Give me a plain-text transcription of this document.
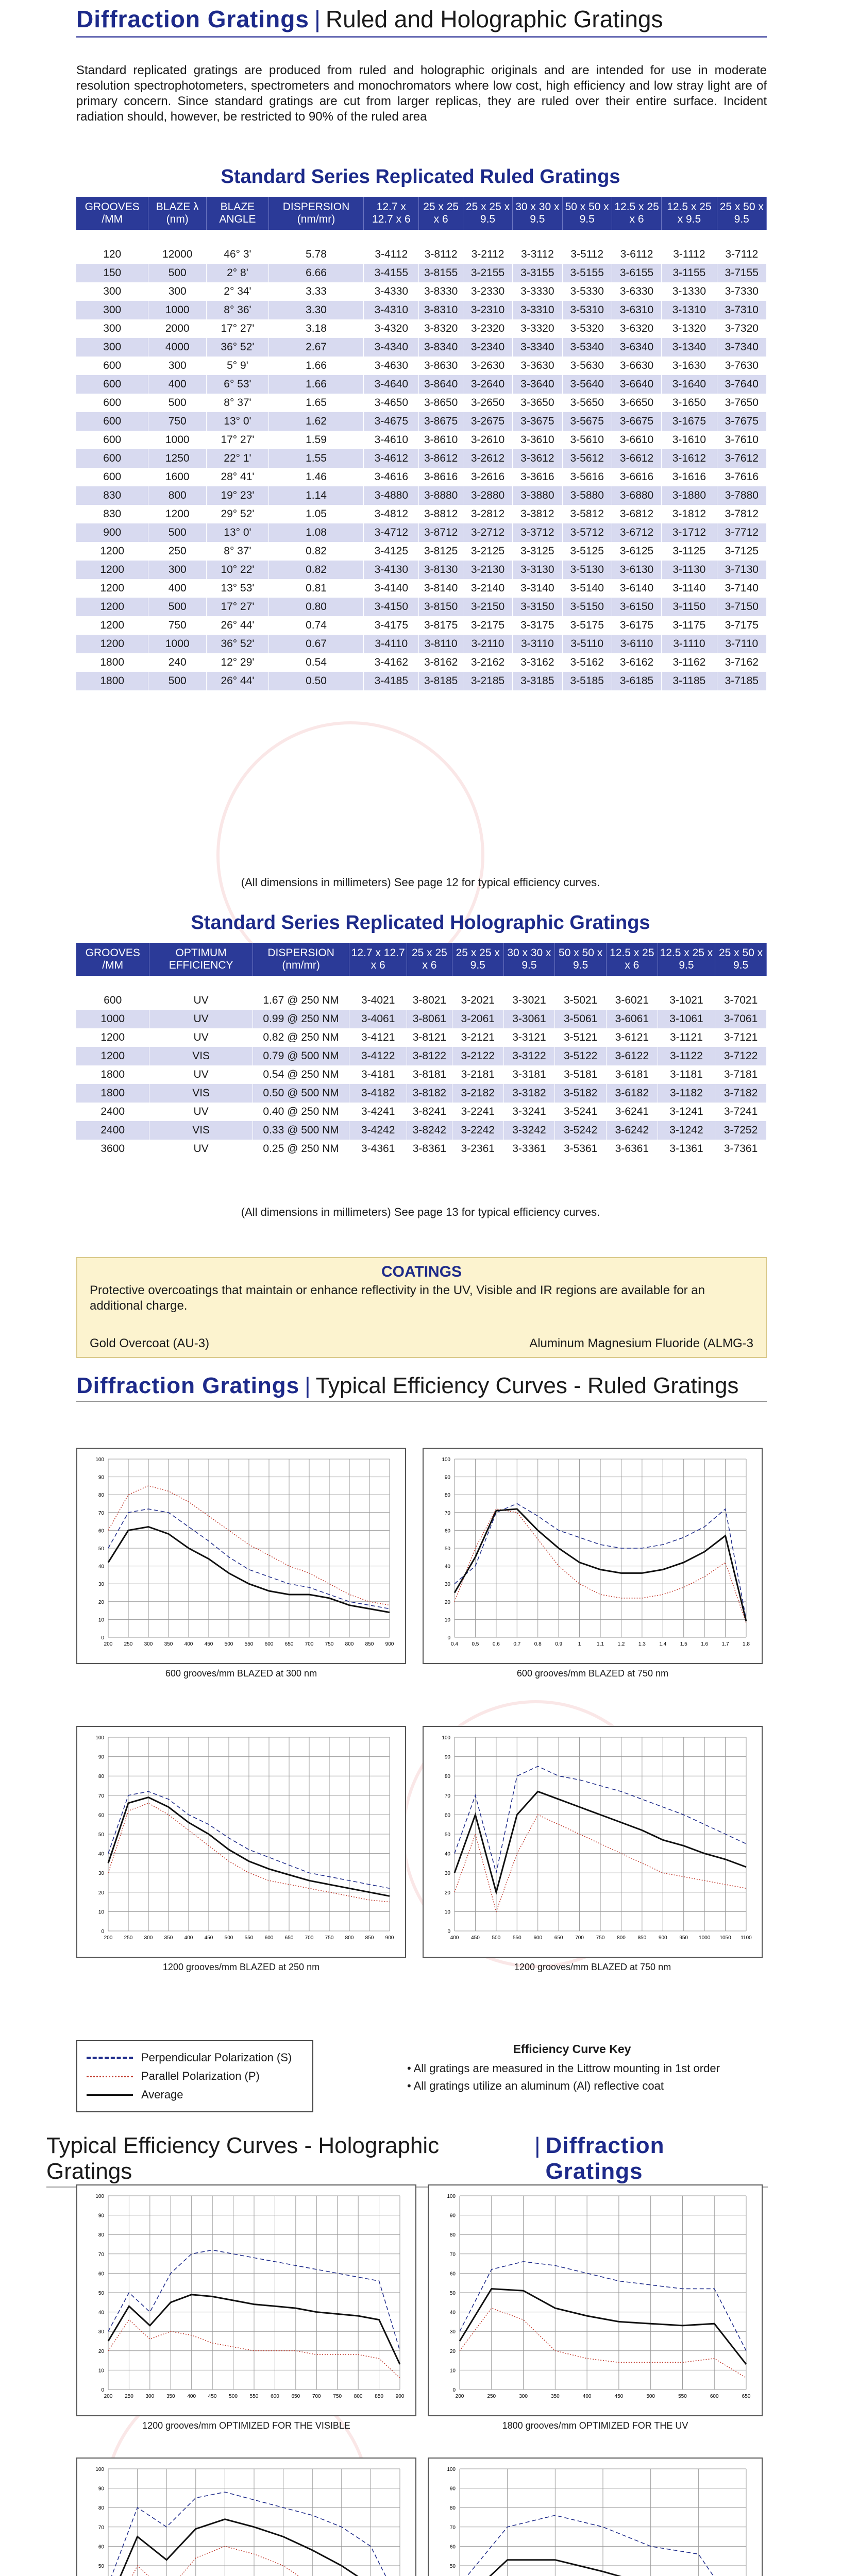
Diffraction Gratings | Ruled and Holographic Gratings

Standard replicated gratings are produced from ruled and holographic originals and are intended for use in moderate resolution spectrophotometers, spectrometers and monochromators where low cost, high efficiency and low stray light are of primary concern. Since standard gratings are cut from larger replicas, they are ruled over their entire surface. Incident radiation should, however, be restricted to 90% of the ruled area

Standard Series Replicated Ruled Gratings
GROOVES /MM	BLAZE λ (nm)	BLAZE ANGLE	DISPERSION (nm/mr)	12.7 x 12.7 x 6	25 x 25 x 6	25 x 25 x 9.5	30 x 30 x 9.5	50 x 50 x 9.5	12.5 x 25 x 6	12.5 x 25 x 9.5	25 x 50 x 9.5

120	12000	46° 3'	5.78	3-4112	3-8112	3-2112	3-3112	3-5112	3-6112	3-1112	3-7112
150	500	2° 8'	6.66	3-4155	3-8155	3-2155	3-3155	3-5155	3-6155	3-1155	3-7155
300	300	2° 34'	3.33	3-4330	3-8330	3-2330	3-3330	3-5330	3-6330	3-1330	3-7330
300	1000	8° 36'	3.30	3-4310	3-8310	3-2310	3-3310	3-5310	3-6310	3-1310	3-7310
300	2000	17° 27'	3.18	3-4320	3-8320	3-2320	3-3320	3-5320	3-6320	3-1320	3-7320
300	4000	36° 52'	2.67	3-4340	3-8340	3-2340	3-3340	3-5340	3-6340	3-1340	3-7340
600	300	5° 9'	1.66	3-4630	3-8630	3-2630	3-3630	3-5630	3-6630	3-1630	3-7630
600	400	6° 53'	1.66	3-4640	3-8640	3-2640	3-3640	3-5640	3-6640	3-1640	3-7640
600	500	8° 37'	1.65	3-4650	3-8650	3-2650	3-3650	3-5650	3-6650	3-1650	3-7650
600	750	13° 0'	1.62	3-4675	3-8675	3-2675	3-3675	3-5675	3-6675	3-1675	3-7675
600	1000	17° 27'	1.59	3-4610	3-8610	3-2610	3-3610	3-5610	3-6610	3-1610	3-7610
600	1250	22° 1'	1.55	3-4612	3-8612	3-2612	3-3612	3-5612	3-6612	3-1612	3-7612
600	1600	28° 41'	1.46	3-4616	3-8616	3-2616	3-3616	3-5616	3-6616	3-1616	3-7616
830	800	19° 23'	1.14	3-4880	3-8880	3-2880	3-3880	3-5880	3-6880	3-1880	3-7880
830	1200	29° 52'	1.05	3-4812	3-8812	3-2812	3-3812	3-5812	3-6812	3-1812	3-7812
900	500	13° 0'	1.08	3-4712	3-8712	3-2712	3-3712	3-5712	3-6712	3-1712	3-7712
1200	250	8° 37'	0.82	3-4125	3-8125	3-2125	3-3125	3-5125	3-6125	3-1125	3-7125
1200	300	10° 22'	0.82	3-4130	3-8130	3-2130	3-3130	3-5130	3-6130	3-1130	3-7130
1200	400	13° 53'	0.81	3-4140	3-8140	3-2140	3-3140	3-5140	3-6140	3-1140	3-7140
1200	500	17° 27'	0.80	3-4150	3-8150	3-2150	3-3150	3-5150	3-6150	3-1150	3-7150
1200	750	26° 44'	0.74	3-4175	3-8175	3-2175	3-3175	3-5175	3-6175	3-1175	3-7175
1200	1000	36° 52'	0.67	3-4110	3-8110	3-2110	3-3110	3-5110	3-6110	3-1110	3-7110
1800	240	12° 29'	0.54	3-4162	3-8162	3-2162	3-3162	3-5162	3-6162	3-1162	3-7162
1800	500	26° 44'	0.50	3-4185	3-8185	3-2185	3-3185	3-5185	3-6185	3-1185	3-7185
(All dimensions in millimeters) See page 12 for typical efficiency curves.
Standard Series Replicated Holographic Gratings
GROOVES /MM	OPTIMUM EFFICIENCY	DISPERSION (nm/mr)	12.7 x 12.7 x 6	25 x 25 x 6	25 x 25 x 9.5	30 x 30 x 9.5	50 x 50 x 9.5	12.5 x 25 x 6	12.5 x 25 x 9.5	25 x 50 x 9.5

600	UV	1.67 @ 250 NM	3-4021	3-8021	3-2021	3-3021	3-5021	3-6021	3-1021	3-7021
1000	UV	0.99 @ 250 NM	3-4061	3-8061	3-2061	3-3061	3-5061	3-6061	3-1061	3-7061
1200	UV	0.82 @ 250 NM	3-4121	3-8121	3-2121	3-3121	3-5121	3-6121	3-1121	3-7121
1200	VIS	0.79 @ 500 NM	3-4122	3-8122	3-2122	3-3122	3-5122	3-6122	3-1122	3-7122
1800	UV	0.54 @ 250 NM	3-4181	3-8181	3-2181	3-3181	3-5181	3-6181	3-1181	3-7181
1800	VIS	0.50 @ 500 NM	3-4182	3-8182	3-2182	3-3182	3-5182	3-6182	3-1182	3-7182
2400	UV	0.40 @ 250 NM	3-4241	3-8241	3-2241	3-3241	3-5241	3-6241	3-1241	3-7241
2400	VIS	0.33 @ 500 NM	3-4242	3-8242	3-2242	3-3242	3-5242	3-6242	3-1242	3-7252
3600	UV	0.25 @ 250 NM	3-4361	3-8361	3-2361	3-3361	3-5361	3-6361	3-1361	3-7361
(All dimensions in millimeters) See page 13 for typical efficiency curves.
COATINGS

Protective overcoatings that maintain or enhance reflectivity in the UV, Visible and IR regions are available for an additional charge.

Gold Overcoat (AU-3)	Aluminum Magnesium Fluoride (ALMG-3
Diffraction Gratings | Typical Efficiency Curves - Ruled Gratings
Perpendicular Polarization (S)
Parallel Polarization (P)
Average
Efficiency Curve Key
• All gratings are measured in the Littrow mounting in 1st order
• All gratings utilize an aluminum (Al) reflective coat
Typical Efficiency Curves - Holographic Gratings
| Diffraction Gratings
200 250 300 350 400 450 500 550 600 650 700 750 800 850 900
0
10
20
30
40
50
60
70
80
90
100
600 grooves/mm BLAZED at 300 nm
0.4	0.5	0.6	0.7	0.8	0.9	1	1.1	1.2	1.3	1.4	1.5	1.6	1.7	1.8
0
10
20
30
40
50
60
70
80
90
100
600 grooves/mm BLAZED at 750 nm
200 250 300 350 400 450 500 550 600 650 700 750 800 850 900
0
10
20
30
40
50
60
70
80
90
100
1200 grooves/mm BLAZED at 250 nm
400 450 500 550 600 650 700 750 800 850 900 950 1000 1050 1100
0
10
20
30
40
50
60
70
80
90
100
1200 grooves/mm BLAZED at 750 nm
200 250 300 350 400 450 500 550 600 650 700 750 800 850 900
0
10
20
30
40
50
60
70
80
90
100
1200 grooves/mm OPTIMIZED FOR THE VISIBLE
200	250	300	350	400	450	500	550	600	650
0
10
20
30
40
50
60
70
80
90
100
1800 grooves/mm OPTIMIZED FOR THE UV
50
60
70
80
90
100
50
60
70
80
90
100
